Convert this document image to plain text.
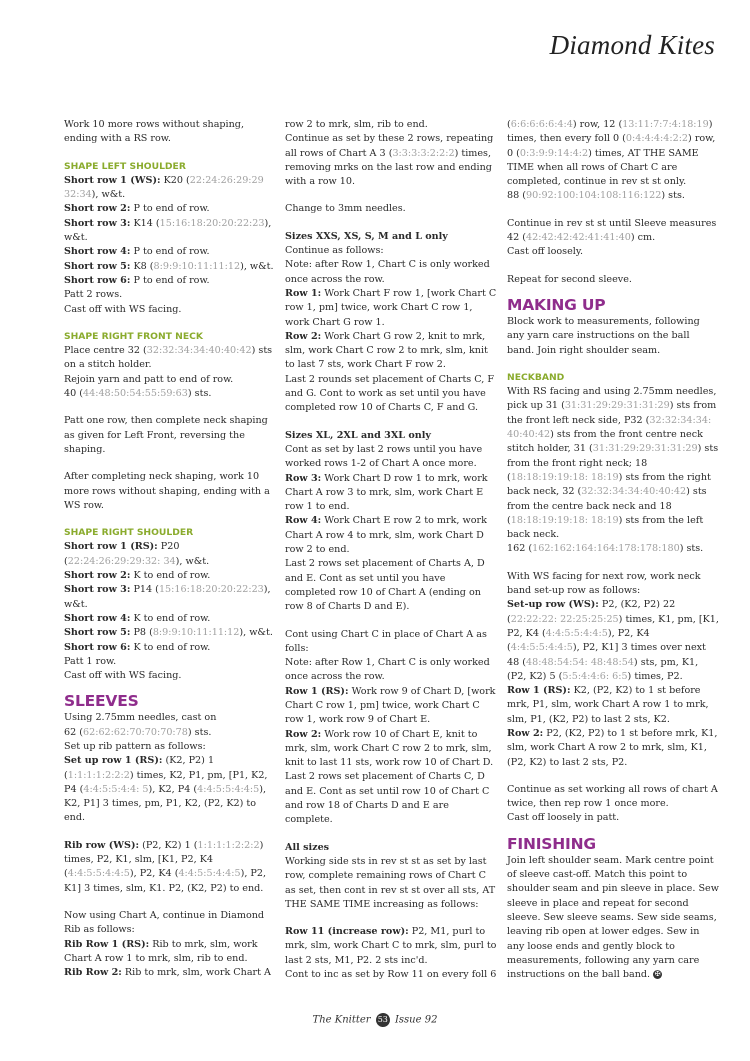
Diamond Kites

Work 10 more rows without shaping, ending with a RS row.

SHAPE LEFT SHOULDER

Short row 1 (WS): K20 (22:24:26:29:29 32:34), w&t.

Short row 2: P to end of row.

Short row 3: K14 (15:16:18:20:20:22:23), w&t.

Short row 4: P to end of row.

Short row 5: K8 (8:9:9:10:11:11:12), w&t.

Short row 6: P to end of row.

Patt 2 rows.

Cast off with WS facing.

SHAPE RIGHT FRONT NECK

Place centre 32 (32:32:34:34:40:40:42) sts on a stitch holder.

Rejoin yarn and patt to end of row.

40 (44:48:50:54:55:59:63) sts.

Patt one row, then complete neck shaping as given for Left Front, reversing the shaping.

After completing neck shaping, work 10 more rows without shaping, ending with a WS row.

SHAPE RIGHT SHOULDER

Short row 1 (RS): P20 (22:24:26:29:29:32: 34), w&t.

Short row 2: K to end of row.

Short row 3: P14 (15:16:18:20:20:22:23), w&t.

Short row 4: K to end of row.

Short row 5: P8 (8:9:9:10:11:11:12), w&t.

Short row 6: K to end of row.

Patt 1 row.

Cast off with WS facing.

SLEEVES

Using 2.75mm needles, cast on

62 (62:62:62:70:70:70:78) sts.

Set up rib pattern as follows:

Set up row 1 (RS): (K2, P2) 1 (1:1:1:1:2:2:2) times, K2, P1, pm, [P1, K2, P4 (4:4:5:5:4:4: 5), K2, P4 (4:4:5:5:4:4:5), K2, P1] 3 times, pm, P1, K2, (P2, K2) to end.

Rib row (WS): (P2, K2) 1 (1:1:1:1:2:2:2) times, P2, K1, slm, [K1, P2, K4 (4:4:5:5:4:4:5), P2, K4 (4:4:5:5:4:4:5), P2, K1] 3 times, slm, K1. P2, (K2, P2) to end.

Now using Chart A, continue in Diamond Rib as follows:

Rib Row 1 (RS): Rib to mrk, slm, work Chart A row 1 to mrk, slm, rib to end.

Rib Row 2: Rib to mrk, slm, work Chart A

row 2 to mrk, slm, rib to end.

Continue as set by these 2 rows, repeating all rows of Chart A 3 (3:3:3:3:2:2:2) times, removing mrks on the last row and ending with a row 10.

Change to 3mm needles.

Sizes XXS, XS, S, M and L only

Continue as follows:

Note: after Row 1, Chart C is only worked once across the row.

Row 1: Work Chart F row 1, [work Chart C row 1, pm] twice, work Chart C row 1, work Chart G row 1.

Row 2: Work Chart G row 2, knit to mrk, slm, work Chart C row 2 to mrk, slm, knit to last 7 sts, work Chart F row 2.

Last 2 rounds set placement of Charts C, F and G. Cont to work as set until you have completed row 10 of Charts C, F and G.

Sizes XL, 2XL and 3XL only

Cont as set by last 2 rows until you have worked rows 1-2 of Chart A once more.

Row 3: Work Chart D row 1 to mrk, work Chart A row 3 to mrk, slm, work Chart E row 1 to end.

Row 4: Work Chart E row 2 to mrk, work Chart A row 4 to mrk, slm, work Chart D row 2 to end.

Last 2 rows set placement of Charts A, D and E. Cont as set until you have completed row 10 of Chart A (ending on row 8 of Charts D and E).

Cont using Chart C in place of Chart A as folls:

Note: after Row 1, Chart C is only worked once across the row.

Row 1 (RS): Work row 9 of Chart D, [work Chart C row 1, pm] twice, work Chart C row 1, work row 9 of Chart E.

Row 2: Work row 10 of Chart E, knit to mrk, slm, work Chart C row 2 to mrk, slm, knit to last 11 sts, work row 10 of Chart D.

Last 2 rows set placement of Charts C, D and E. Cont as set until row 10 of Chart C and row 18 of Charts D and E are complete.

All sizes

Working side sts in rev st st as set by last row, complete remaining rows of Chart C as set, then cont in rev st st over all sts, AT THE SAME TIME increasing as follows:

Row 11 (increase row): P2, M1, purl to mrk, slm, work Chart C to mrk, slm, purl to last 2 sts, M1, P2. 2 sts inc'd.

Cont to inc as set by Row 11 on every foll 6

(6:6:6:6:6:4:4) row, 12 (13:11:7:7:4:18:19) times, then every foll 0 (0:4:4:4:4:2:2) row, 0 (0:3:9:9:14:4:2) times, AT THE SAME TIME when all rows of Chart C are completed, continue in rev st st only.

88 (90:92:100:104:108:116:122) sts.

Continue in rev st st until Sleeve measures 42 (42:42:42:42:41:41:40) cm.

Cast off loosely.

Repeat for second sleeve.

MAKING UP

Block work to measurements, following any yarn care instructions on the ball band. Join right shoulder seam.

NECKBAND

With RS facing and using 2.75mm needles, pick up 31 (31:31:29:29:31:31:29) sts from the front left neck side, P32 (32:32:34:34: 40:40:42) sts from the front centre neck stitch holder, 31 (31:31:29:29:31:31:29) sts from the front right neck; 18 (18:18:19:19:18: 18:19) sts from the right back neck, 32 (32:32:34:34:40:40:42) sts from the centre back neck and 18 (18:18:19:19:18: 18:19) sts from the left back neck.

162 (162:162:164:164:178:178:180) sts.

With WS facing for next row, work neck band set-up row as follows:

Set-up row (WS): P2, (K2, P2) 22 (22:22:22: 22:25:25:25) times, K1, pm, [K1, P2, K4 (4:4:5:5:4:4:5), P2, K4 (4:4:5:5:4:4:5), P2, K1] 3 times over next 48 (48:48:54:54: 48:48:54) sts, pm, K1, (P2, K2) 5 (5:5:4:4:6: 6:5) times, P2.

Row 1 (RS): K2, (P2, K2) to 1 st before mrk, P1, slm, work Chart A row 1 to mrk, slm, P1, (K2, P2) to last 2 sts, K2.

Row 2: P2, (K2, P2) to 1 st before mrk, K1, slm, work Chart A row 2 to mrk, slm, K1, (P2, K2) to last 2 sts, P2.

Continue as set working all rows of chart A twice, then rep row 1 once more.

Cast off loosely in patt.

FINISHING

Join left shoulder seam. Mark centre point of sleeve cast-off. Match this point to shoulder seam and pin sleeve in place. Sew sleeve in place and repeat for second sleeve. Sew sleeve seams. Sew side seams, leaving rib open at lower edges. Sew in any loose ends and gently block to measurements, following any yarn care instructions on the ball band. ✠

The Knitter 53 Issue 92
